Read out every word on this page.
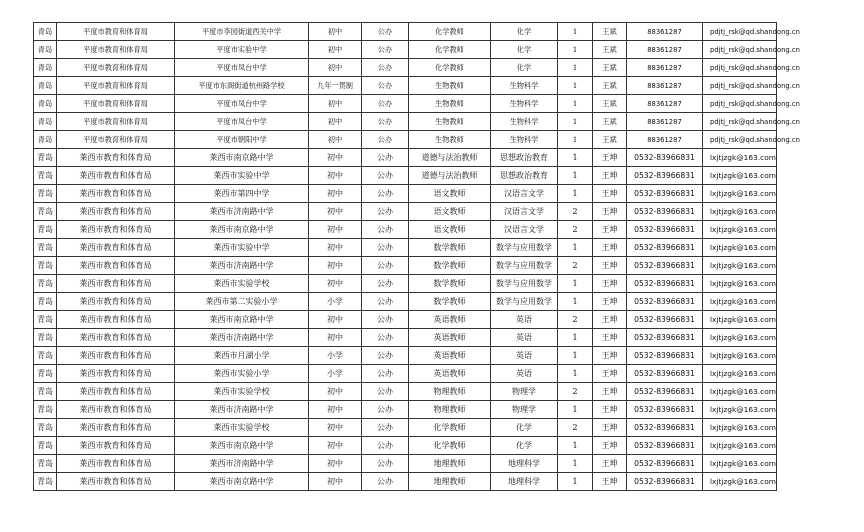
青岛	平度市教育和体育局	平度市李园街道西关中学	初中	公办	化学教师	化学	1	王斌	88361287	pdjtj_rsk@qd.shandong.cn
青岛	平度市教育和体育局	平度市实验中学	初中	公办	化学教师	化学	1	王斌	88361287	pdjtj_rsk@qd.shandong.cn
青岛	平度市教育和体育局	平度市凤台中学	初中	公办	化学教师	化学	1	王斌	88361287	pdjtj_rsk@qd.shandong.cn
青岛	平度市教育和体育局	平度市东阁街道杭州路学校	九年一贯制	公办	生物教师	生物科学	1	王斌	88361287	pdjtj_rsk@qd.shandong.cn
青岛	平度市教育和体育局	平度市凤台中学	初中	公办	生物教师	生物科学	1	王斌	88361287	pdjtj_rsk@qd.shandong.cn
青岛	平度市教育和体育局	平度市凤台中学	初中	公办	生物教师	生物科学	1	王斌	88361287	pdjtj_rsk@qd.shandong.cn
青岛	平度市教育和体育局	平度市朝阳中学	初中	公办	生物教师	生物科学	1	王斌	88361287	pdjtj_rsk@qd.shandong.cn
青岛	莱西市教育和体育局	莱西市南京路中学	初中	公办	道德与法治教师	思想政治教育	1	王坤	0532-83966831	lxjtjzgk@163.com
青岛	莱西市教育和体育局	莱西市实验中学	初中	公办	道德与法治教师	思想政治教育	1	王坤	0532-83966831	lxjtjzgk@163.com
青岛	莱西市教育和体育局	莱西市第四中学	初中	公办	语文教师	汉语言文学	1	王坤	0532-83966831	lxjtjzgk@163.com
青岛	莱西市教育和体育局	莱西市济南路中学	初中	公办	语文教师	汉语言文学	2	王坤	0532-83966831	lxjtjzgk@163.com
青岛	莱西市教育和体育局	莱西市南京路中学	初中	公办	语文教师	汉语言文学	2	王坤	0532-83966831	lxjtjzgk@163.com
青岛	莱西市教育和体育局	莱西市实验中学	初中	公办	数学教师	数学与应用数学	1	王坤	0532-83966831	lxjtjzgk@163.com
青岛	莱西市教育和体育局	莱西市济南路中学	初中	公办	数学教师	数学与应用数学	2	王坤	0532-83966831	lxjtjzgk@163.com
青岛	莱西市教育和体育局	莱西市实验学校	初中	公办	数学教师	数学与应用数学	1	王坤	0532-83966831	lxjtjzgk@163.com
青岛	莱西市教育和体育局	莱西市第二实验小学	小学	公办	数学教师	数学与应用数学	1	王坤	0532-83966831	lxjtjzgk@163.com
青岛	莱西市教育和体育局	莱西市南京路中学	初中	公办	英语教师	英语	2	王坤	0532-83966831	lxjtjzgk@163.com
青岛	莱西市教育和体育局	莱西市济南路中学	初中	公办	英语教师	英语	1	王坤	0532-83966831	lxjtjzgk@163.com
青岛	莱西市教育和体育局	莱西市月湖小学	小学	公办	英语教师	英语	1	王坤	0532-83966831	lxjtjzgk@163.com
青岛	莱西市教育和体育局	莱西市实验小学	小学	公办	英语教师	英语	1	王坤	0532-83966831	lxjtjzgk@163.com
青岛	莱西市教育和体育局	莱西市实验学校	初中	公办	物理教师	物理学	2	王坤	0532-83966831	lxjtjzgk@163.com
青岛	莱西市教育和体育局	莱西市济南路中学	初中	公办	物理教师	物理学	1	王坤	0532-83966831	lxjtjzgk@163.com
青岛	莱西市教育和体育局	莱西市实验学校	初中	公办	化学教师	化学	2	王坤	0532-83966831	lxjtjzgk@163.com
青岛	莱西市教育和体育局	莱西市南京路中学	初中	公办	化学教师	化学	1	王坤	0532-83966831	lxjtjzgk@163.com
青岛	莱西市教育和体育局	莱西市济南路中学	初中	公办	地理教师	地理科学	1	王坤	0532-83966831	lxjtjzgk@163.com
青岛	莱西市教育和体育局	莱西市南京路中学	初中	公办	地理教师	地理科学	1	王坤	0532-83966831	lxjtjzgk@163.com
